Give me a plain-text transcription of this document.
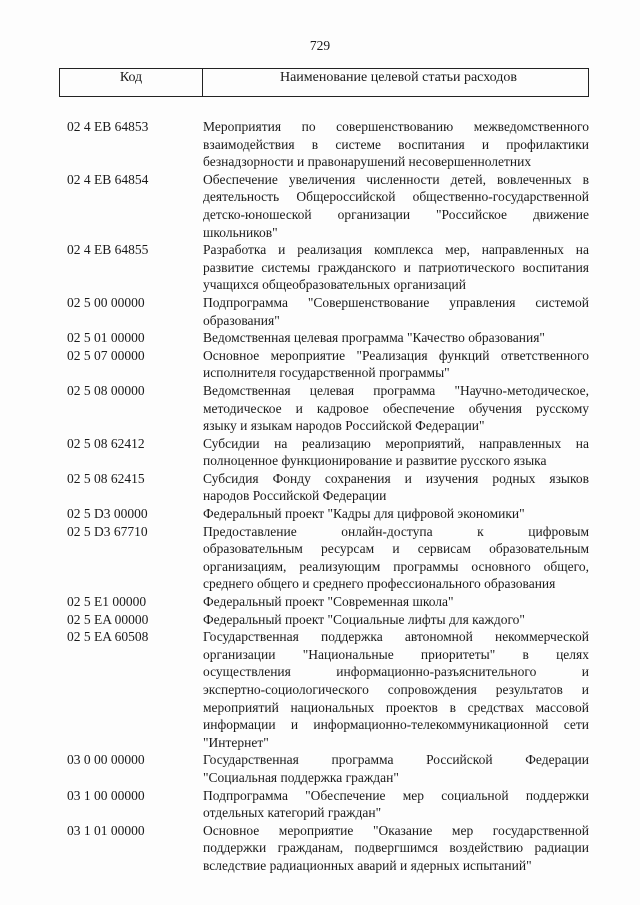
729
Код	Наименование целевой статьи расходов
02 4 EB 64853	Мероприятия по совершенствованию межведомственного
взаимодействия в системе воспитания и профилактики
безнадзорности и правонарушений несовершеннолетних
02 4 EB 64854	Обеспечение увеличения численности детей, вовлеченных в
деятельность Общероссийской общественно-государственной
детско-юношеской организации "Российское движение
школьников"
02 4 EB 64855	Разработка и реализация комплекса мер, направленных на
развитие системы гражданского и патриотического воспитания
учащихся общеобразовательных организаций
02 5 00 00000	Подпрограмма "Совершенствование управления системой
образования"
02 5 01 00000	Ведомственная целевая программа "Качество образования"
02 5 07 00000	Основное мероприятие "Реализация функций ответственного
исполнителя государственной программы"
02 5 08 00000	Ведомственная целевая программа "Научно-методическое,
методическое и кадровое обеспечение обучения русскому
языку и языкам народов Российской Федерации"
02 5 08 62412	Субсидии на реализацию мероприятий, направленных на
полноценное функционирование и развитие русского языка
02 5 08 62415	Субсидия Фонду сохранения и изучения родных языков
народов Российской Федерации
02 5 D3 00000	Федеральный проект "Кадры для цифровой экономики"
02 5 D3 67710	Предоставление онлайн-доступа к цифровым
образовательным ресурсам и сервисам образовательным
организациям, реализующим программы основного общего,
среднего общего и среднего профессионального образования
02 5 E1 00000	Федеральный проект "Современная школа"
02 5 EA 00000	Федеральный проект "Социальные лифты для каждого"
02 5 EA 60508	Государственная поддержка автономной некоммерческой
организации "Национальные приоритеты" в целях
осуществления информационно-разъяснительного и
экспертно-социологического сопровождения результатов и
мероприятий национальных проектов в средствах массовой
информации и информационно-телекоммуникационной сети
"Интернет"
03 0 00 00000	Государственная программа Российской Федерации
"Социальная поддержка граждан"
03 1 00 00000	Подпрограмма "Обеспечение мер социальной поддержки
отдельных категорий граждан"
03 1 01 00000	Основное мероприятие "Оказание мер государственной
поддержки гражданам, подвергшимся воздействию радиации
вследствие радиационных аварий и ядерных испытаний"
